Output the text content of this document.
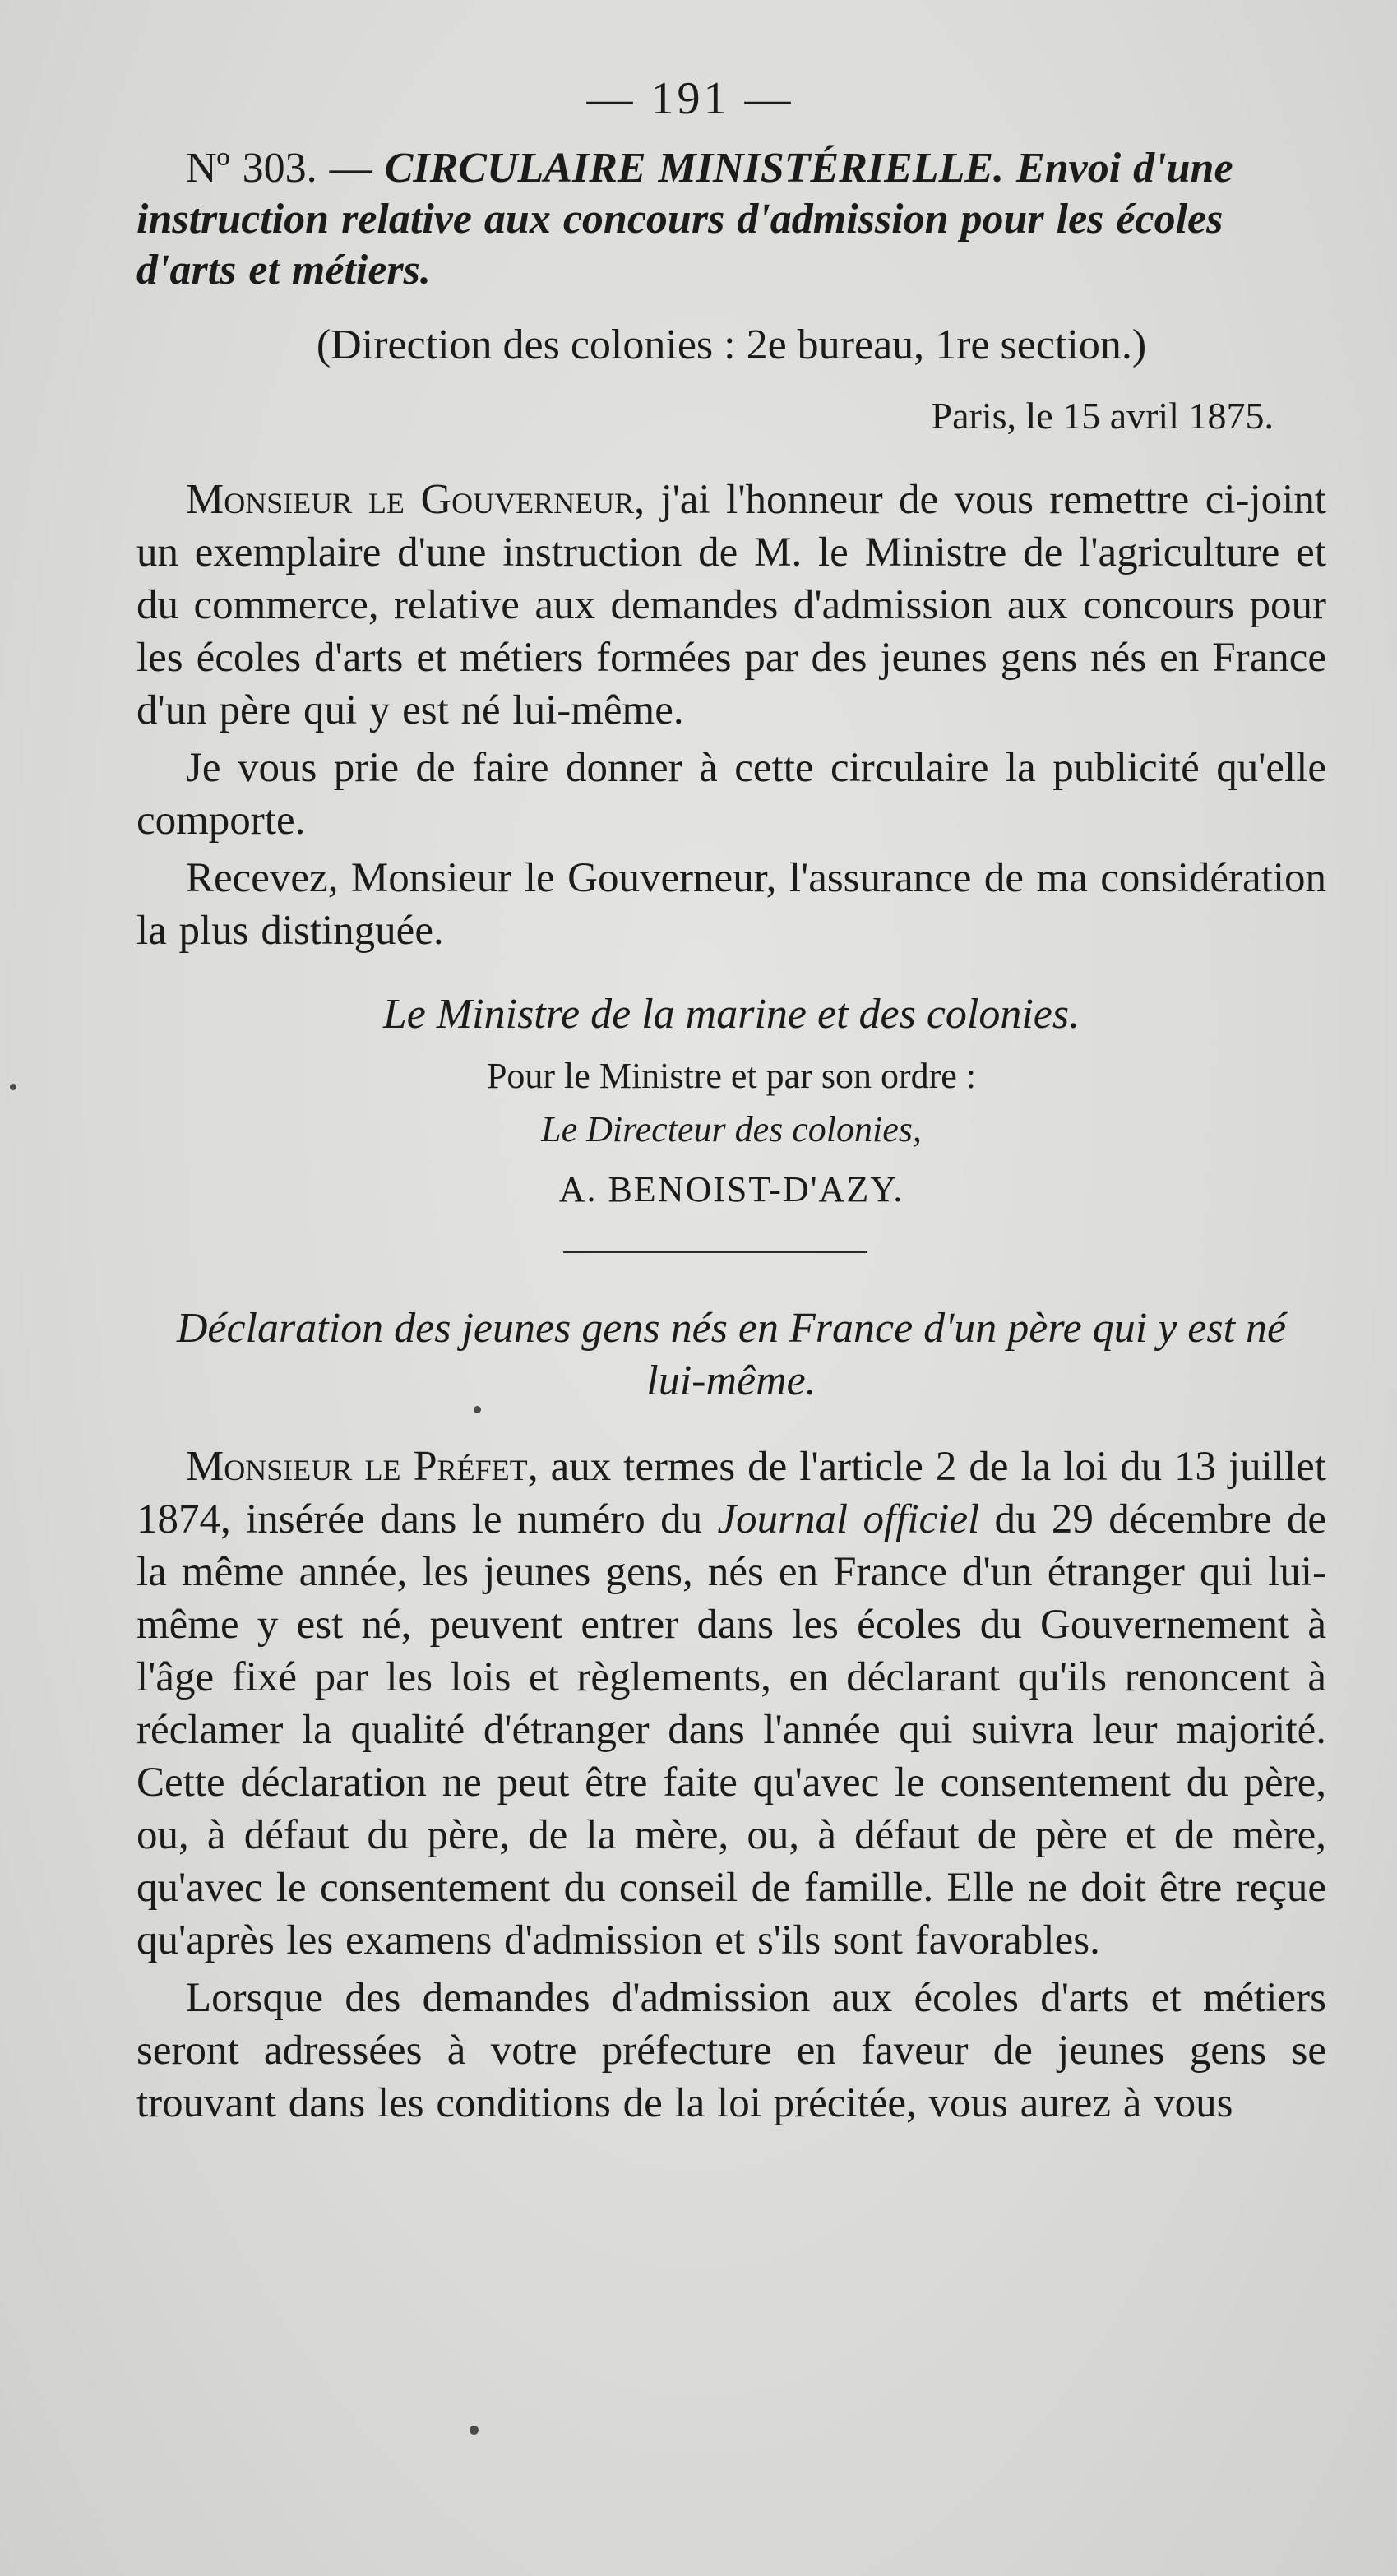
— 191 —

Nº 303. — CIRCULAIRE MINISTÉRIELLE. Envoi d'une instruction relative aux concours d'admission pour les écoles d'arts et métiers.

(Direction des colonies : 2e bureau, 1re section.)
Paris, le 15 avril 1875.

Monsieur le Gouverneur, j'ai l'honneur de vous remettre ci-joint un exemplaire d'une instruction de M. le Ministre de l'agriculture et du commerce, relative aux demandes d'admission aux concours pour les écoles d'arts et métiers formées par des jeunes gens nés en France d'un père qui y est né lui-même.

Je vous prie de faire donner à cette circulaire la publicité qu'elle comporte.

Recevez, Monsieur le Gouverneur, l'assurance de ma considération la plus distinguée.

Le Ministre de la marine et des colonies.
Pour le Ministre et par son ordre :
Le Directeur des colonies,
A. BENOIST-D'AZY.
Déclaration des jeunes gens nés en France d'un père qui y est né lui-même.

Monsieur le Préfet, aux termes de l'article 2 de la loi du 13 juillet 1874, insérée dans le numéro du Journal officiel du 29 décembre de la même année, les jeunes gens, nés en France d'un étranger qui lui-même y est né, peuvent entrer dans les écoles du Gouvernement à l'âge fixé par les lois et règlements, en déclarant qu'ils renoncent à réclamer la qualité d'étranger dans l'année qui suivra leur majorité. Cette déclaration ne peut être faite qu'avec le consentement du père, ou, à défaut du père, de la mère, ou, à défaut de père et de mère, qu'avec le consentement du conseil de famille. Elle ne doit être reçue qu'après les examens d'admission et s'ils sont favorables.

Lorsque des demandes d'admission aux écoles d'arts et métiers seront adressées à votre préfecture en faveur de jeunes gens se trouvant dans les conditions de la loi précitée, vous aurez à vous
